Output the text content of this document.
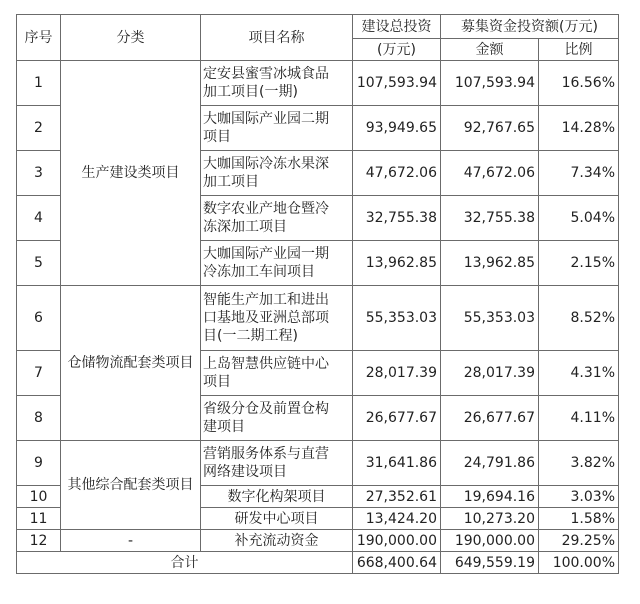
序号	分类	项目名称	建设总投资	募集资金投资额(万元)	
			(万元)	金额	比例
1	生产建设类项目	定安县蜜雪冰城食品
加工项目(一期)	107,593.94	107,593.94	16.56%
2		大咖国际产业园二期
项目	93,949.65	92,767.65	14.28%
3		大咖国际冷冻水果深
加工项目	47,672.06	47,672.06	7.34%
4		数字农业产地仓暨冷
冻深加工项目	32,755.38	32,755.38	5.04%
5		大咖国际产业园一期
冷冻加工车间项目	13,962.85	13,962.85	2.15%
6	仓储物流配套类项目	智能生产加工和进出
口基地及亚洲总部项
目(一二期工程)	55,353.03	55,353.03	8.52%
7		上岛智慧供应链中心
项目	28,017.39	28,017.39	4.31%
8		省级分仓及前置仓构
建项目	26,677.67	26,677.67	4.11%
9	其他综合配套类项目	营销服务体系与直营
网络建设项目	31,641.86	24,791.86	3.82%
10		数字化构架项目	27,352.61	19,694.16	3.03%
11		研发中心项目	13,424.20	10,273.20	1.58%
12	-	补充流动资金	190,000.00	190,000.00	29.25%
合计			668,400.64	649,559.19	100.00%
